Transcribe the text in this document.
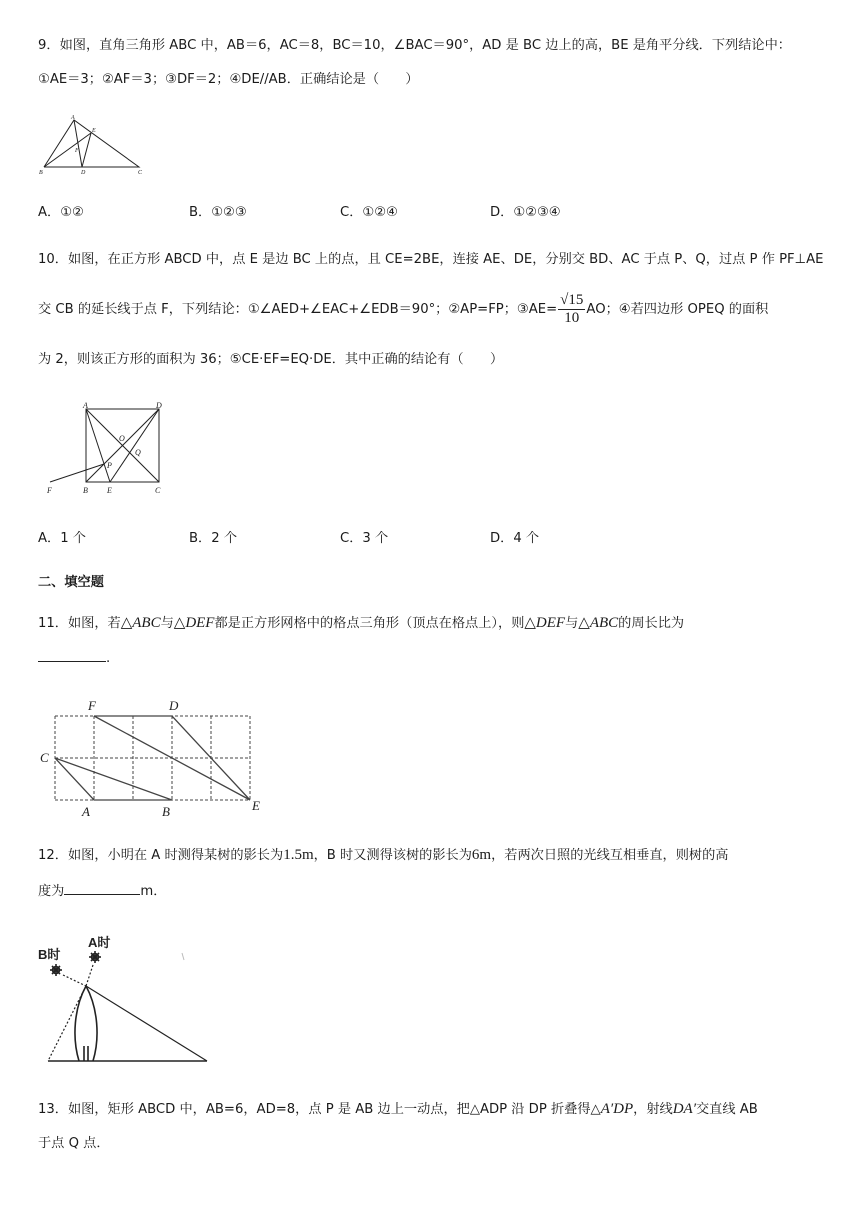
9．如图，直角三角形 ABC 中，AB＝6，AC＝8，BC＝10，∠BAC＝90°，AD 是 BC 边上的高，BE 是角平分线．下列结论中：
①AE＝3；②AF＝3；③DF＝2；④DE//AB．正确结论是（　　）
A
B	C
D
E
F
A．①②	B．①②③	C．①②④	D．①②③④
10．如图，在正方形 ABCD 中，点 E 是边 BC 上的点，且 CE=2BE，连接 AE、DE，分别交 BD、AC 于点 P、Q，过点 P 作 PF⊥AE
交 CB 的延长线于点 F，下列结论：①∠AED+∠EAC+∠EDB＝90°；②AP=FP；③AE= $\frac{√15}{10}$ AO；④若四边形 OPEQ 的面积
为 2，则该正方形的面积为 36；⑤CE·EF=EQ·DE．其中正确的结论有（　　）
A	D
O
Q
P
F	B E	C
A．1 个	B．2 个	C．3 个	D．4 个
二、填空题
11．如图，若△ABC与△DEF都是正方形网格中的格点三角形（顶点在格点上），则△DEF与△ABC的周长比为
.
F	D
C
A	B	E
12．如图，小明在 A 时测得某树的影长为1.5m，B 时又测得该树的影长为6m，若两次日照的光线互相垂直，则树的高
度为	m．
B时
A时
13．如图，矩形 ABCD 中，AB=6，AD=8，点 P 是 AB 边上一动点，把△ADP 沿 DP 折叠得△A′DP，射线DA′交直线 AB
于点 Q 点．
